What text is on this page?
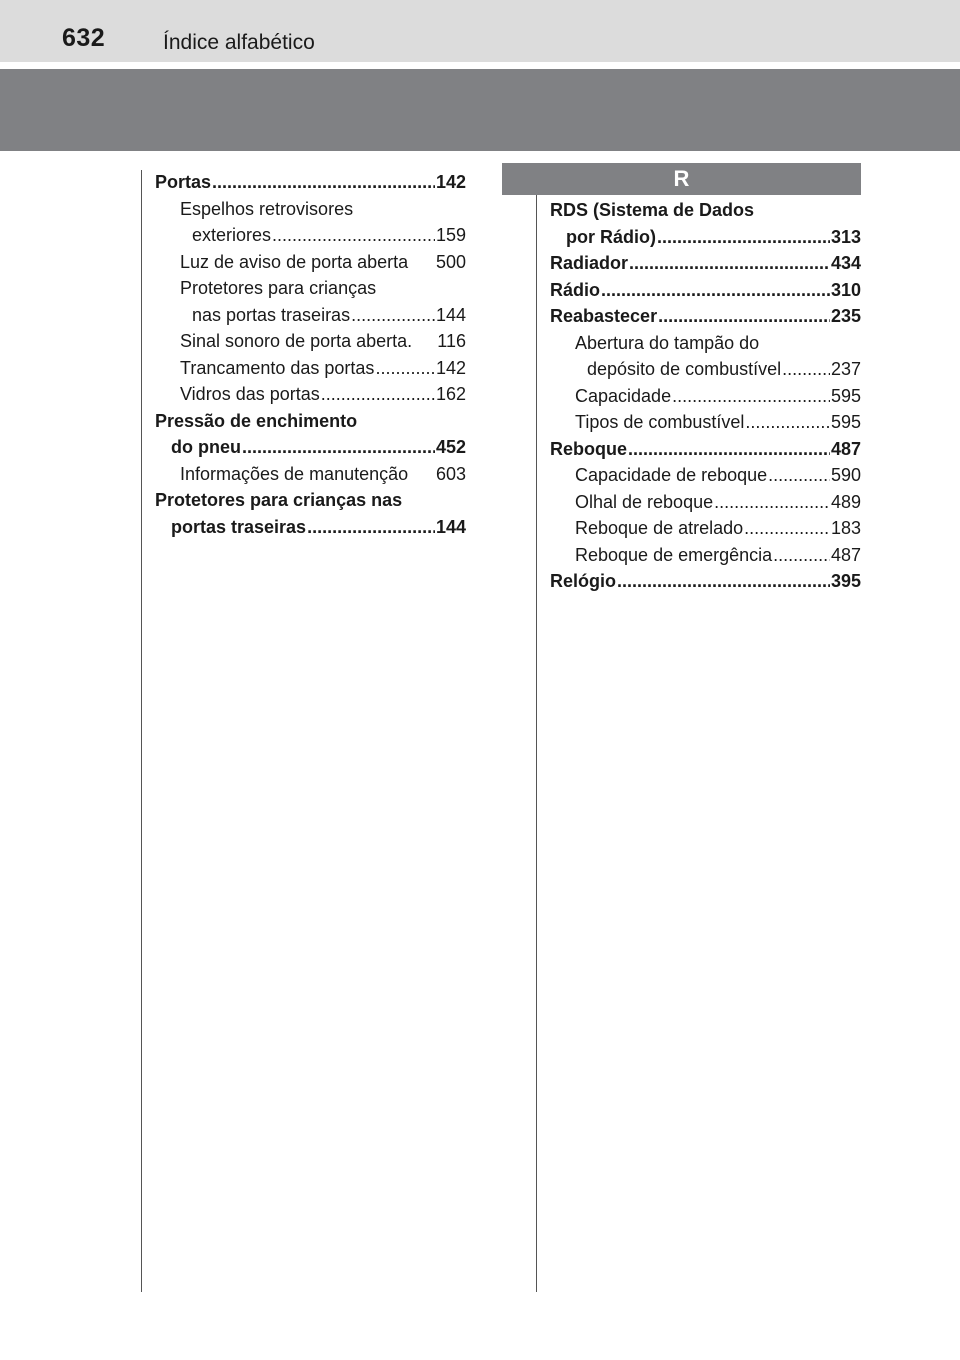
632	Índice alfabético
Portas .....	142
Espelhos retrovisores
exteriores .....	159
Luz de aviso de porta aberta 500
Protetores para crianças
nas portas traseiras .....	144
Sinal sonoro de porta aberta. 116
Trancamento das portas .....	142
Vidros das portas .....	162
Pressão de enchimento
do pneu .....	452
Informações de manutenção 603
Protetores para crianças nas
portas traseiras .....	144
R
RDS (Sistema de Dados
por Rádio) .....	313
Radiador .....	434
Rádio .....	310
Reabastecer .....	235
Abertura do tampão do
depósito de combustível .....	237
Capacidade .....	595
Tipos de combustível .....	595
Reboque .....	487
Capacidade de reboque .....	590
Olhal de reboque .....	489
Reboque de atrelado .....	183
Reboque de emergência .....	487
Relógio .....	395
